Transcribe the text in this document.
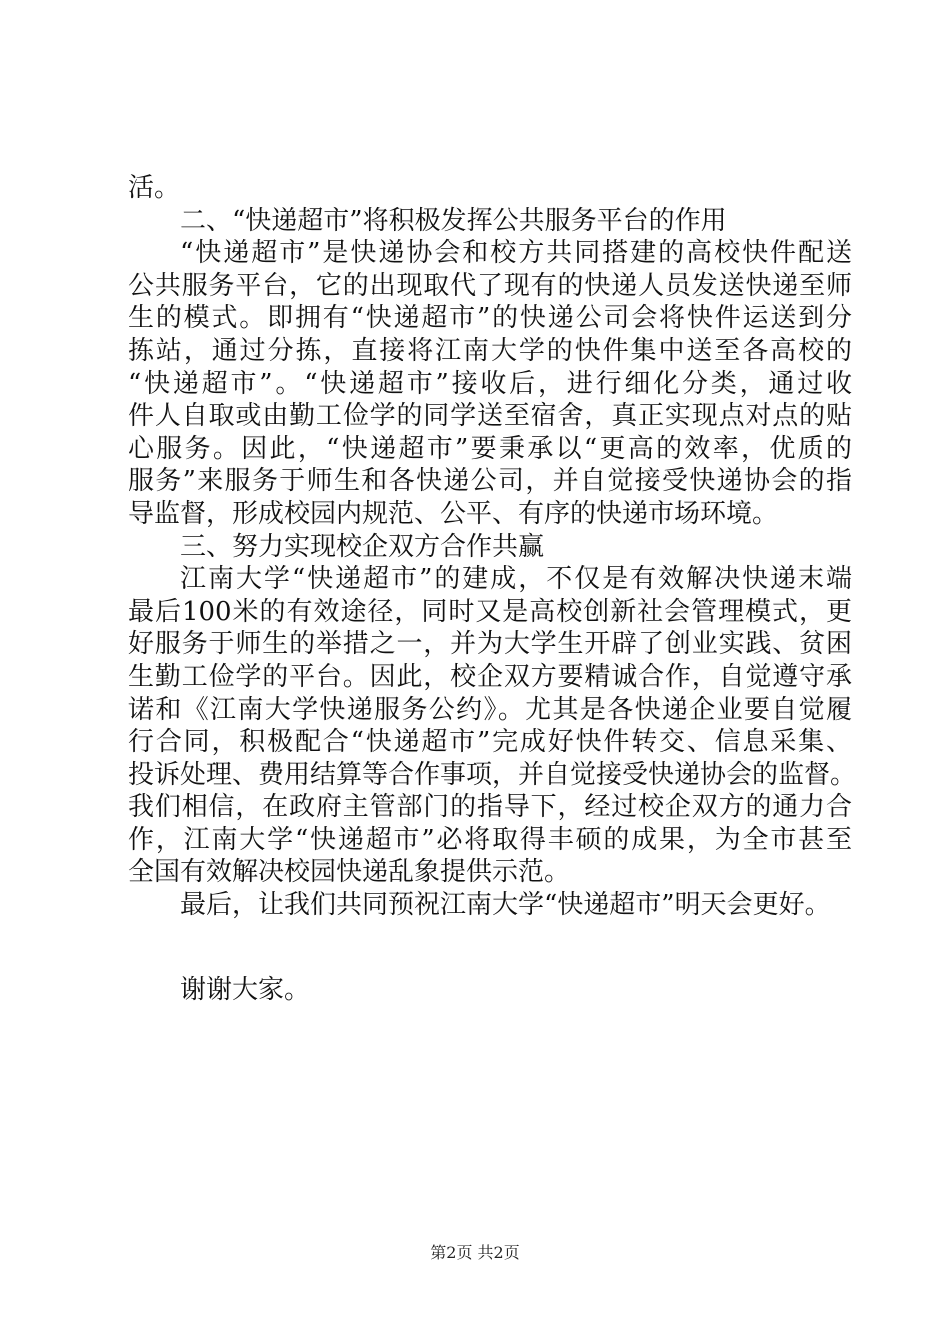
活。
二、“快递超市”将积极发挥公共服务平台的作用
“快递超市”是快递协会和校方共同搭建的高校快件配送
公共服务平台，它的出现取代了现有的快递人员发送快递至师
生的模式。即拥有“快递超市”的快递公司会将快件运送到分
拣站，通过分拣，直接将江南大学的快件集中送至各高校的
“快递超市”。“快递超市”接收后，进行细化分类，通过收
件人自取或由勤工俭学的同学送至宿舍，真正实现点对点的贴
心服务。因此，“快递超市”要秉承以“更高的效率，优质的
服务”来服务于师生和各快递公司，并自觉接受快递协会的指
导监督，形成校园内规范、公平、有序的快递市场环境。
三、努力实现校企双方合作共赢
江南大学“快递超市”的建成，不仅是有效解决快递末端
最后100米的有效途径，同时又是高校创新社会管理模式，更
好服务于师生的举措之一，并为大学生开辟了创业实践、贫困
生勤工俭学的平台。因此，校企双方要精诚合作，自觉遵守承
诺和《江南大学快递服务公约》。尤其是各快递企业要自觉履
行合同，积极配合“快递超市”完成好快件转交、信息采集、
投诉处理、费用结算等合作事项，并自觉接受快递协会的监督。
我们相信，在政府主管部门的指导下，经过校企双方的通力合
作，江南大学“快递超市”必将取得丰硕的成果，为全市甚至
全国有效解决校园快递乱象提供示范。
最后，让我们共同预祝江南大学“快递超市”明天会更好。
谢谢大家。
第2页 共2页
